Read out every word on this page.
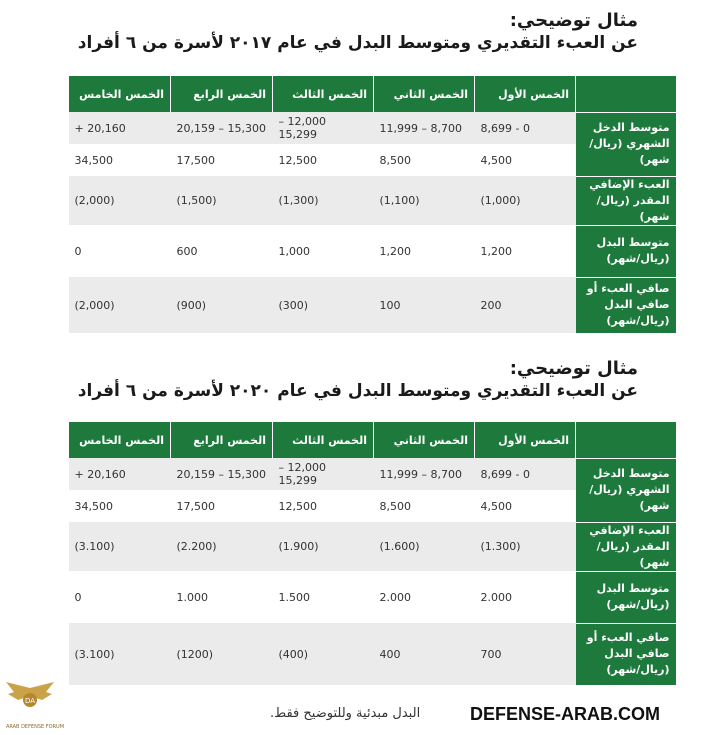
مثال توضيحي:
عن العبء التقديري ومتوسط البدل في عام ٢٠١٧ لأسرة من ٦ أفراد
	الخمس الأول	الخمس الثاني	الخمس الثالث	الخمس الرابع	الخمس الخامس
متوسط الدخل الشهري (ريال/شهر)	0 - 8,699	8,700 – 11,999	12,000 – 15,299	15,300 – 20,159	20,160 +
	4,500	8,500	12,500	17,500	34,500
العبء الإضافي المقدر (ريال/شهر)	(1,000)	(1,100)	(1,300)	(1,500)	(2,000)
متوسط البدل (ريال/شهر)	1,200	1,200	1,000	600	0
صافي العبء أو صافي البدل (ريال/شهر)	200	100	(300)	(900)	(2,000)
مثال توضيحي:
عن العبء التقديري ومتوسط البدل في عام ٢٠٢٠ لأسرة من ٦ أفراد
	الخمس الأول	الخمس الثاني	الخمس الثالث	الخمس الرابع	الخمس الخامس
متوسط الدخل الشهري (ريال/شهر)	0 - 8,699	8,700 – 11,999	12,000 – 15,299	15,300 – 20,159	20,160 +
	4,500	8,500	12,500	17,500	34,500
العبء الإضافي المقدر (ريال/شهر)	(1.300)	(1.600)	(1.900)	(2.200)	(3.100)
متوسط البدل (ريال/شهر)	2.000	2.000	1.500	1.000	0
صافي العبء أو صافي البدل (ريال/شهر)	700	400	(400)	(1200)	(3.100)
DA
ARAB DEFENSE FORUM
البدل مبدئية وللتوضيح فقط.	DEFENSE-ARAB.COM
